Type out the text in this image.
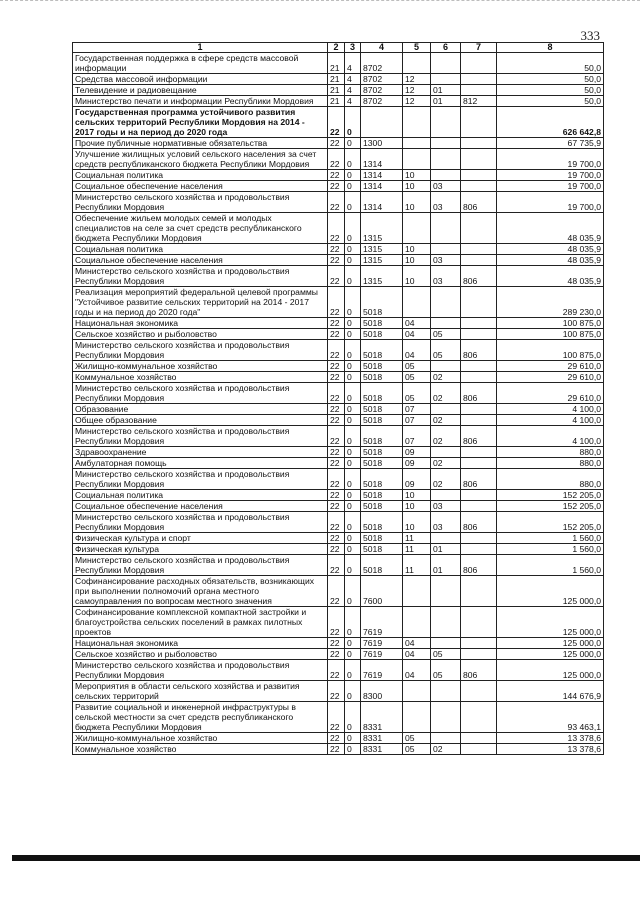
333
1	2	3	4	5	6	7	8
Государственная поддержка в сфере средств массовой информации	21	4	8702				50,0
Средства массовой информации	21	4	8702	12			50,0
Телевидение и радиовещание	21	4	8702	12	01		50,0
Министерство печати и информации Республики Мордовия	21	4	8702	12	01	812	50,0
Государственная программа устойчивого развития сельских территорий Республики Мордовия на 2014 - 2017 годы и на период до 2020 года	22	0					626 642,8
Прочие публичные нормативные обязательства	22	0	1300				67 735,9
Улучшение жилищных условий сельского населения за счет средств республиканского бюджета Республики Мордовия	22	0	1314				19 700,0
Социальная политика	22	0	1314	10			19 700,0
Социальное обеспечение населения	22	0	1314	10	03		19 700,0
Министерство сельского хозяйства и продовольствия Республики Мордовия	22	0	1314	10	03	806	19 700,0
Обеспечение жильем молодых семей и молодых специалистов на селе за счет средств республиканского бюджета Республики Мордовия	22	0	1315				48 035,9
Социальная политика	22	0	1315	10			48 035,9
Социальное обеспечение населения	22	0	1315	10	03		48 035,9
Министерство сельского хозяйства и продовольствия Республики Мордовия	22	0	1315	10	03	806	48 035,9
Реализация мероприятий федеральной целевой программы "Устойчивое развитие сельских территорий на 2014 - 2017 годы и на период до 2020 года"	22	0	5018				289 230,0
Национальная экономика	22	0	5018	04			100 875,0
Сельское хозяйство и рыболовство	22	0	5018	04	05		100 875,0
Министерство сельского хозяйства и продовольствия Республики Мордовия	22	0	5018	04	05	806	100 875,0
Жилищно-коммунальное хозяйство	22	0	5018	05			29 610,0
Коммунальное хозяйство	22	0	5018	05	02		29 610,0
Министерство сельского хозяйства и продовольствия Республики Мордовия	22	0	5018	05	02	806	29 610,0
Образование	22	0	5018	07			4 100,0
Общее образование	22	0	5018	07	02		4 100,0
Министерство сельского хозяйства и продовольствия Республики Мордовия	22	0	5018	07	02	806	4 100,0
Здравоохранение	22	0	5018	09			880,0
Амбулаторная помощь	22	0	5018	09	02		880,0
Министерство сельского хозяйства и продовольствия Республики Мордовия	22	0	5018	09	02	806	880,0
Социальная политика	22	0	5018	10			152 205,0
Социальное обеспечение населения	22	0	5018	10	03		152 205,0
Министерство сельского хозяйства и продовольствия Республики Мордовия	22	0	5018	10	03	806	152 205,0
Физическая культура и спорт	22	0	5018	11			1 560,0
Физическая культура	22	0	5018	11	01		1 560,0
Министерство сельского хозяйства и продовольствия Республики Мордовия	22	0	5018	11	01	806	1 560,0
Софинансирование расходных обязательств, возникающих при выполнении полномочий органа местного самоуправления по вопросам местного значения	22	0	7600				125 000,0
Софинансирование комплексной компактной застройки и благоустройства сельских поселений в рамках пилотных проектов	22	0	7619				125 000,0
Национальная экономика	22	0	7619	04			125 000,0
Сельское хозяйство и рыболовство	22	0	7619	04	05		125 000,0
Министерство сельского хозяйства и продовольствия Республики Мордовия	22	0	7619	04	05	806	125 000,0
Мероприятия в области сельского хозяйства и развития сельских территорий	22	0	8300				144 676,9
Развитие социальной и инженерной инфраструктуры в сельской местности за счет средств республиканского бюджета Республики Мордовия	22	0	8331				93 463,1
Жилищно-коммунальное хозяйство	22	0	8331	05			13 378,6
Коммунальное хозяйство	22	0	8331	05	02		13 378,6
